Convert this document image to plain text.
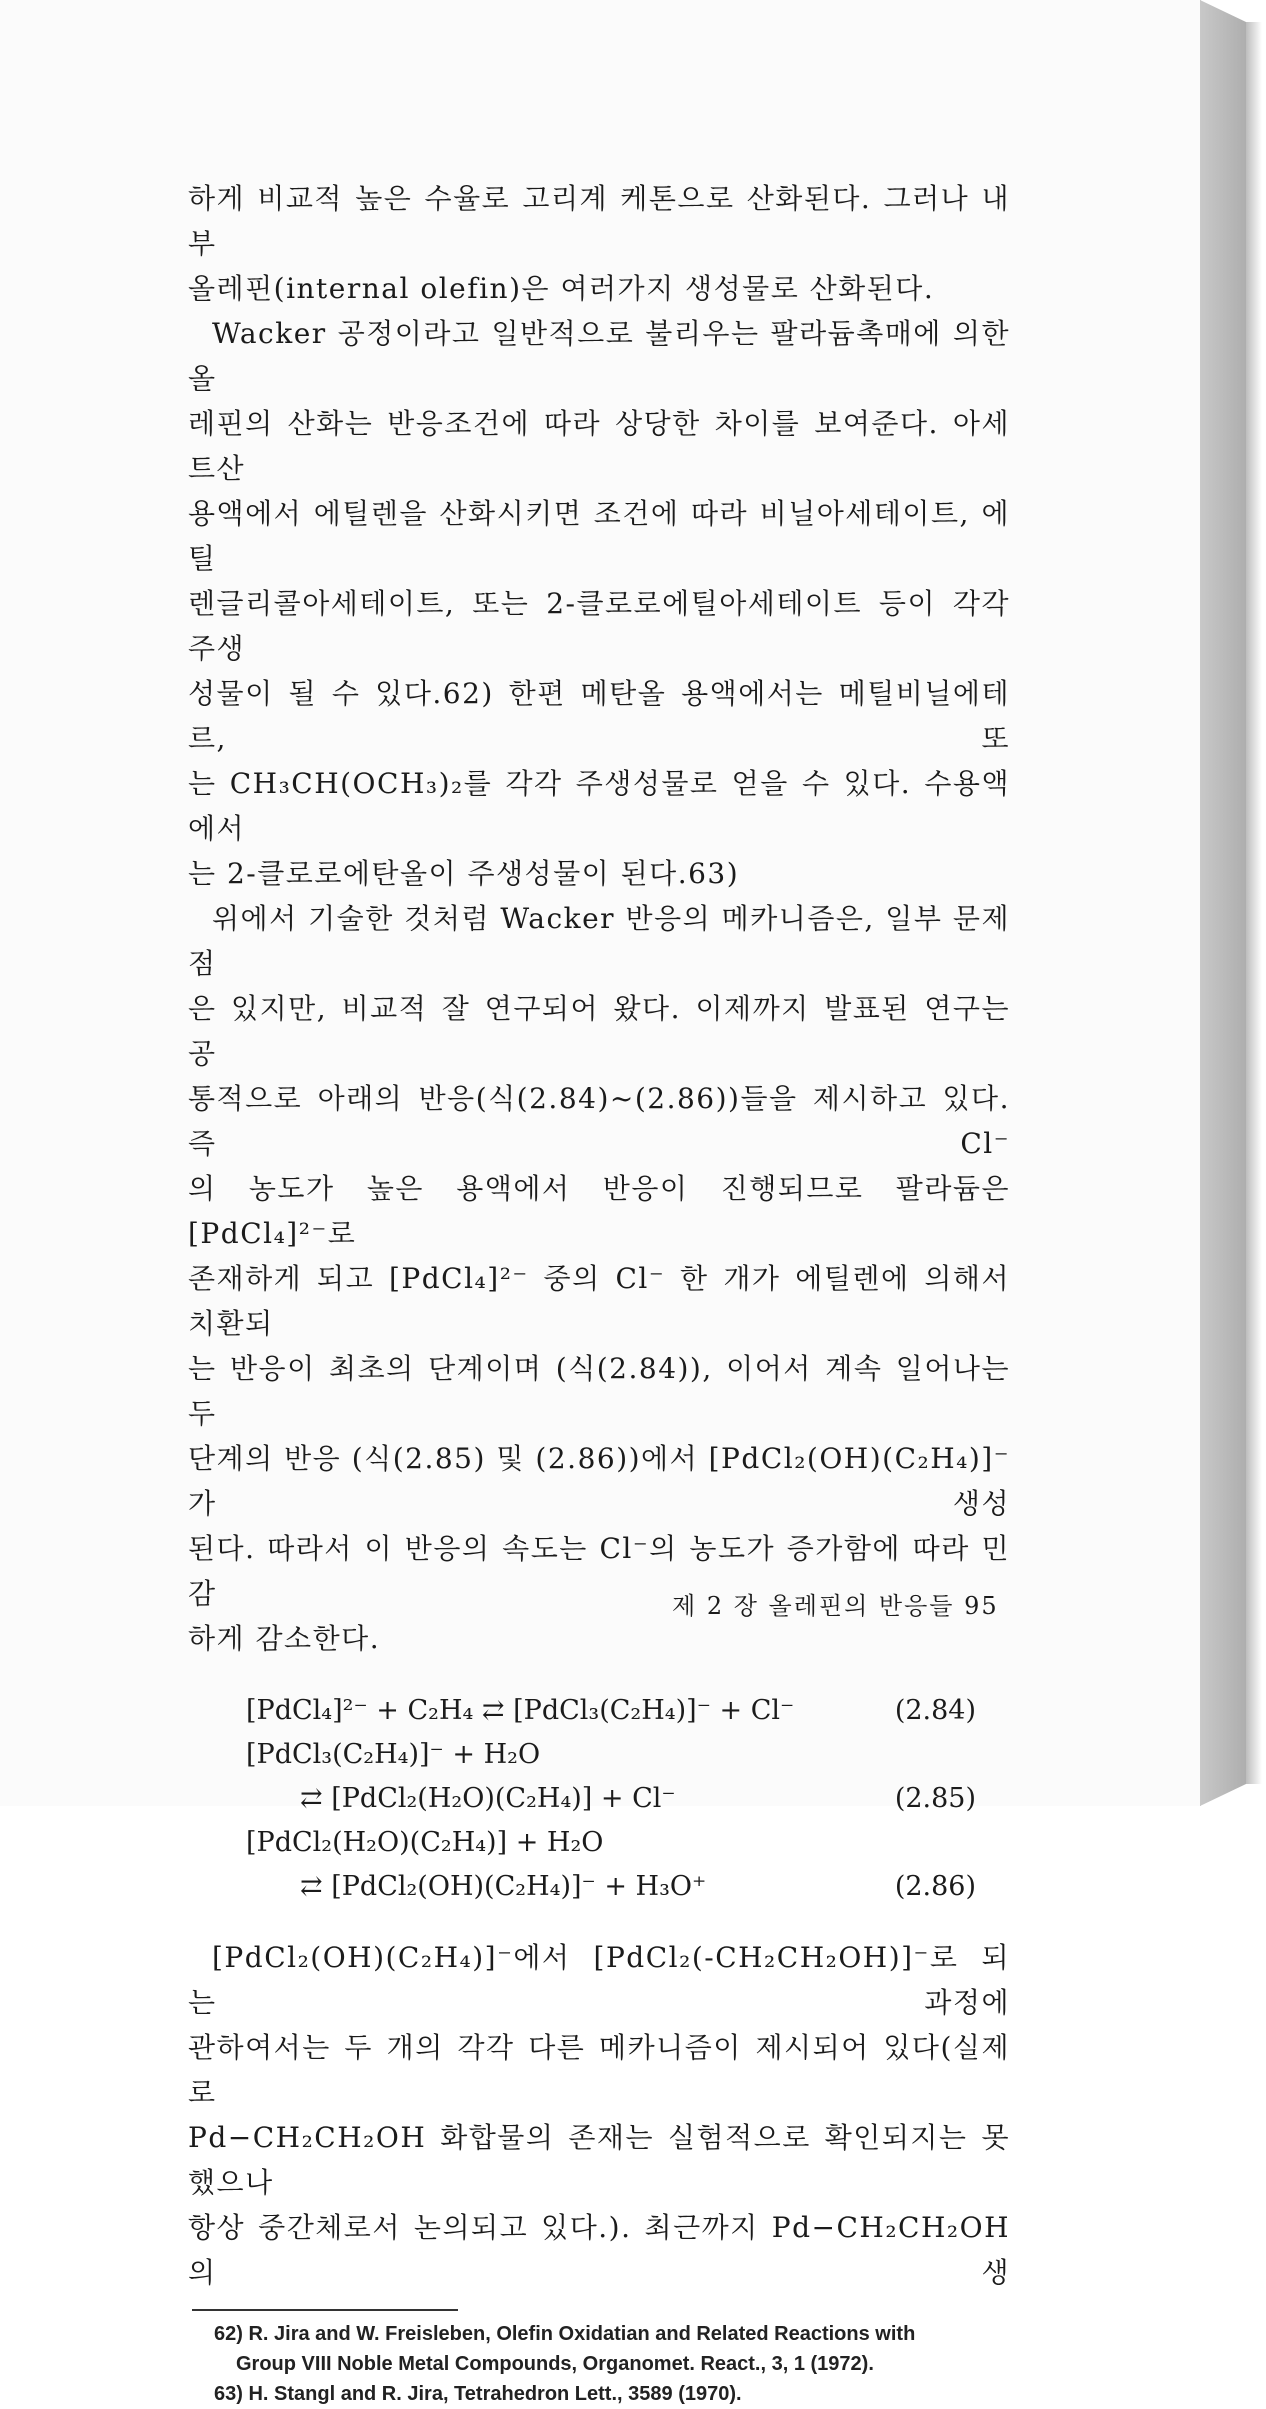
하게 비교적 높은 수율로 고리계 케톤으로 산화된다. 그러나 내부

올레핀(internal olefin)은 여러가지 생성물로 산화된다.

Wacker 공정이라고 일반적으로 불리우는 팔라듐촉매에 의한 올

레핀의 산화는 반응조건에 따라 상당한 차이를 보여준다. 아세트산

용액에서 에틸렌을 산화시키면 조건에 따라 비닐아세테이트, 에틸

렌글리콜아세테이트, 또는 2-클로로에틸아세테이트 등이 각각 주생

성물이 될 수 있다.62) 한편 메탄올 용액에서는 메틸비닐에테르, 또

는 CH₃CH(OCH₃)₂를 각각 주생성물로 얻을 수 있다. 수용액에서

는 2-클로로에탄올이 주생성물이 된다.63)

위에서 기술한 것처럼 Wacker 반응의 메카니즘은, 일부 문제점

은 있지만, 비교적 잘 연구되어 왔다. 이제까지 발표된 연구는 공

통적으로 아래의 반응(식(2.84)~(2.86))들을 제시하고 있다. 즉 Cl⁻

의 농도가 높은 용액에서 반응이 진행되므로 팔라듐은 [PdCl₄]²⁻로

존재하게 되고 [PdCl₄]²⁻ 중의 Cl⁻ 한 개가 에틸렌에 의해서 치환되

는 반응이 최초의 단계이며 (식(2.84)), 이어서 계속 일어나는 두

단계의 반응 (식(2.85) 및 (2.86))에서 [PdCl₂(OH)(C₂H₄)]⁻가 생성

된다. 따라서 이 반응의 속도는 Cl⁻의 농도가 증가함에 따라 민감

하게 감소한다.

[PdCl₄]²⁻ + C₂H₄ ⇄ [PdCl₃(C₂H₄)]⁻ + Cl⁻	(2.84)
[PdCl₃(C₂H₄)]⁻ + H₂O
⇄ [PdCl₂(H₂O)(C₂H₄)] + Cl⁻	(2.85)
[PdCl₂(H₂O)(C₂H₄)] + H₂O
⇄ [PdCl₂(OH)(C₂H₄)]⁻ + H₃O⁺	(2.86)

[PdCl₂(OH)(C₂H₄)]⁻에서 [PdCl₂(-CH₂CH₂OH)]⁻로 되는 과정에

관하여서는 두 개의 각각 다른 메카니즘이 제시되어 있다(실제로

Pd−CH₂CH₂OH 화합물의 존재는 실험적으로 확인되지는 못했으나

항상 중간체로서 논의되고 있다.). 최근까지 Pd−CH₂CH₂OH의 생

62) R. Jira and W. Freisleben, Olefin Oxidatian and Related Reactions with

Group VIII Noble Metal Compounds, Organomet. React., 3, 1 (1972).

63) H. Stangl and R. Jira, Tetrahedron Lett., 3589 (1970).

제 2 장 올레핀의 반응들 95
